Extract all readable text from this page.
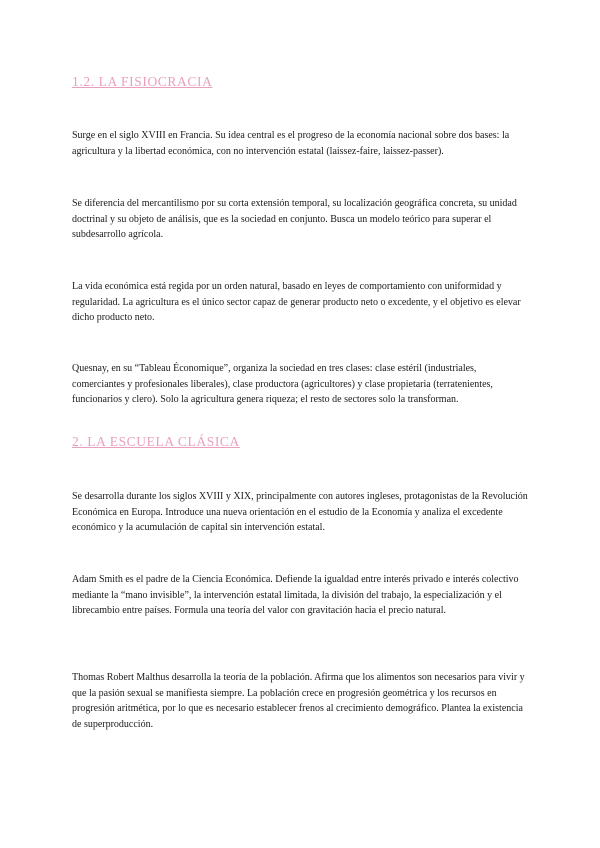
1.2. LA FISIOCRACIA

Surge en el siglo XVIII en Francia. Su idea central es el progreso de la economía nacional sobre dos bases: la agricultura y la libertad económica, con no intervención estatal (laissez-faire, laissez-passer).

Se diferencia del mercantilismo por su corta extensión temporal, su localización geográfica concreta, su unidad doctrinal y su objeto de análisis, que es la sociedad en conjunto. Busca un modelo teórico para superar el subdesarrollo agrícola.

La vida económica está regida por un orden natural, basado en leyes de comportamiento con uniformidad y regularidad. La agricultura es el único sector capaz de generar producto neto o excedente, y el objetivo es elevar dicho producto neto.

Quesnay, en su “Tableau Économique”, organiza la sociedad en tres clases: clase estéril (industriales, comerciantes y profesionales liberales), clase productora (agricultores) y clase propietaria (terratenientes, funcionarios y clero). Solo la agricultura genera riqueza; el resto de sectores solo la transforman.

2. LA ESCUELA CLÁSICA

Se desarrolla durante los siglos XVIII y XIX, principalmente con autores ingleses, protagonistas de la Revolución Económica en Europa. Introduce una nueva orientación en el estudio de la Economía y analiza el excedente económico y la acumulación de capital sin intervención estatal.

Adam Smith es el padre de la Ciencia Económica. Defiende la igualdad entre interés privado e interés colectivo mediante la “mano invisible”, la intervención estatal limitada, la división del trabajo, la especialización y el librecambio entre países. Formula una teoría del valor con gravitación hacia el precio natural.

Thomas Robert Malthus desarrolla la teoría de la población. Afirma que los alimentos son necesarios para vivir y que la pasión sexual se manifiesta siempre. La población crece en progresión geométrica y los recursos en progresión aritmética, por lo que es necesario establecer frenos al crecimiento demográfico. Plantea la existencia de superproducción.
